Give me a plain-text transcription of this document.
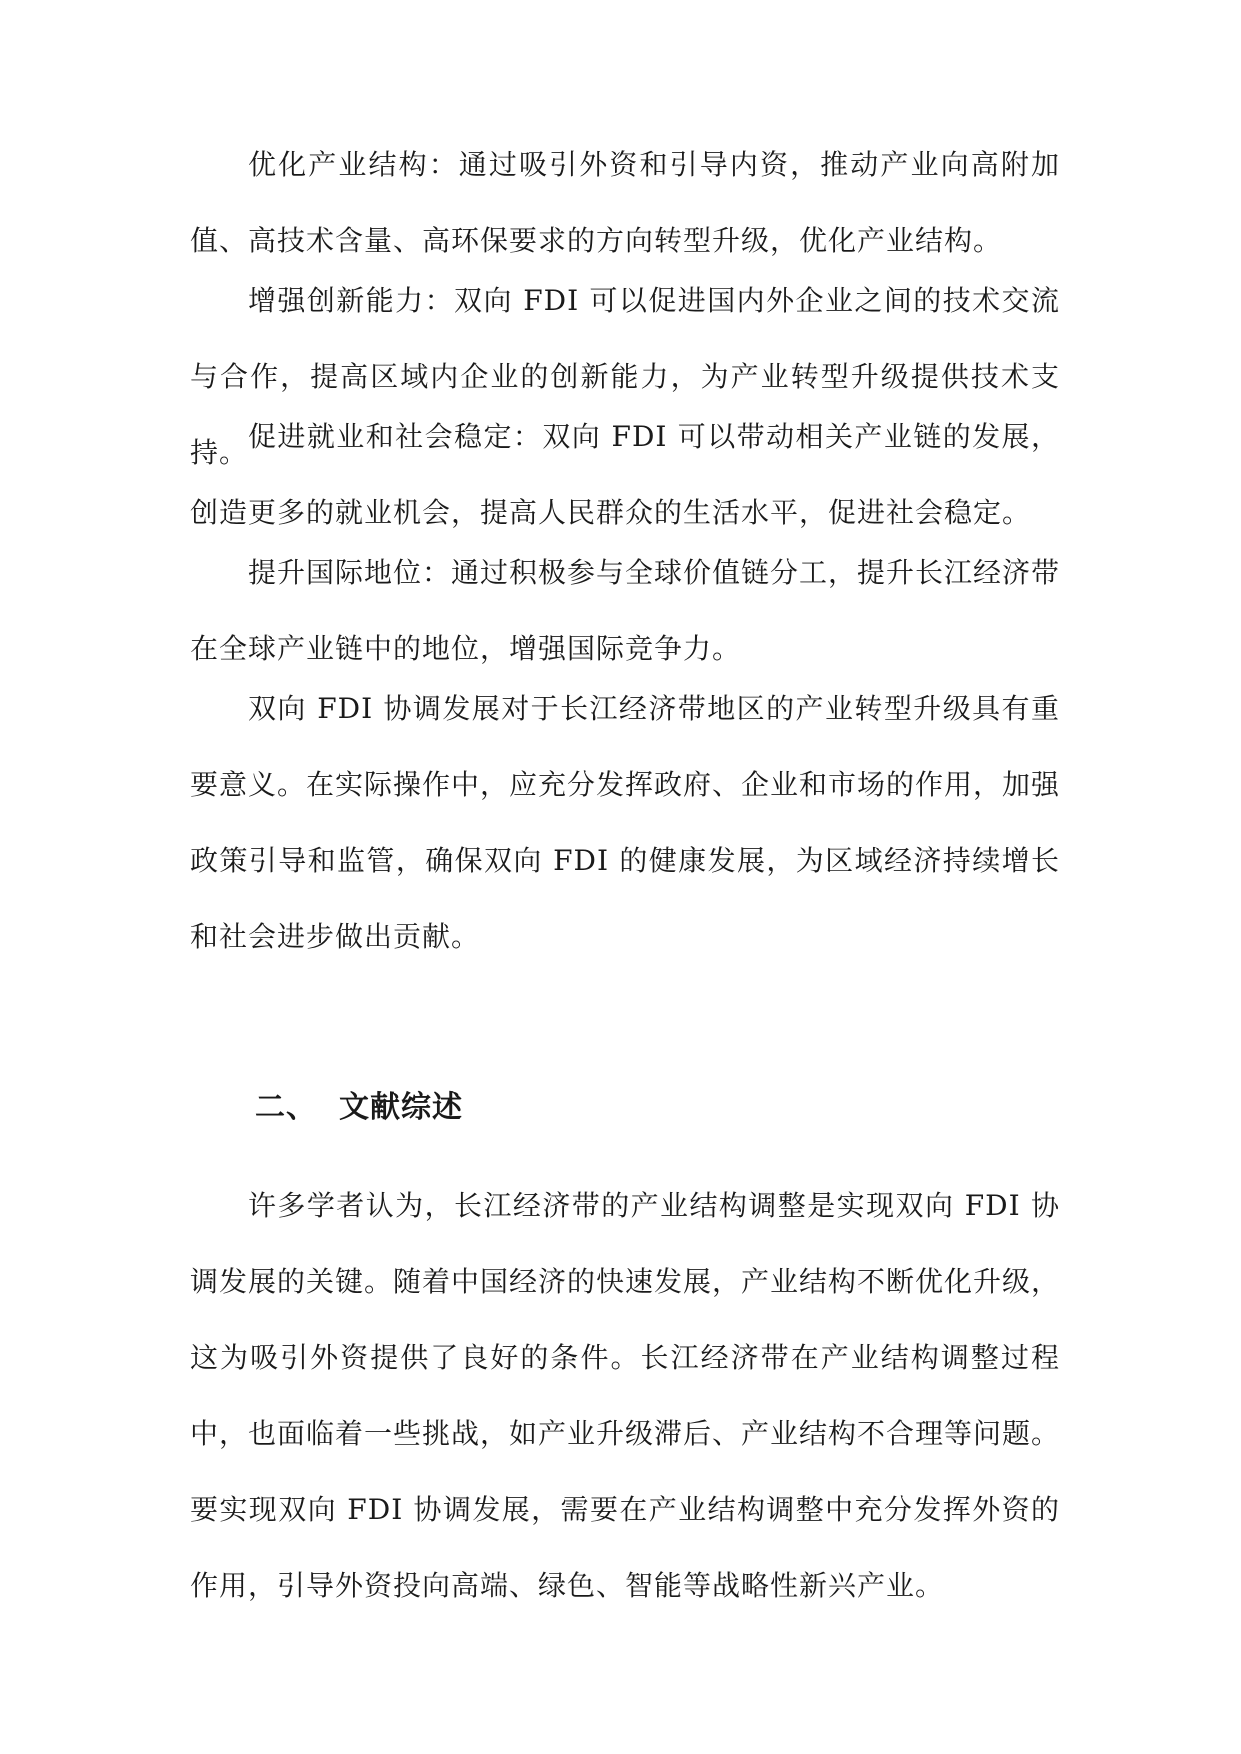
优化产业结构：通过吸引外资和引导内资，推动产业向高附加值、高技术含量、高环保要求的方向转型升级，优化产业结构。

增强创新能力：双向 FDI 可以促进国内外企业之间的技术交流与合作，提高区域内企业的创新能力，为产业转型升级提供技术支持。 促进就业和社会稳定：双向 FDI 可以带动相关产业链的发展，创造更多的就业机会，提高人民群众的生活水平，促进社会稳定。

提升国际地位：通过积极参与全球价值链分工，提升长江经济带在全球产业链中的地位，增强国际竞争力。

双向 FDI 协调发展对于长江经济带地区的产业转型升级具有重要意义。在实际操作中，应充分发挥政府、企业和市场的作用，加强政策引导和监管，确保双向 FDI 的健康发展，为区域经济持续增长和社会进步做出贡献。

二、 文献综述

许多学者认为，长江经济带的产业结构调整是实现双向 FDI 协调发展的关键。随着中国经济的快速发展，产业结构不断优化升级，这为吸引外资提供了良好的条件。长江经济带在产业结构调整过程中，也面临着一些挑战，如产业升级滞后、产业结构不合理等问题。要实现双向 FDI 协调发展，需要在产业结构调整中充分发挥外资的作用，引导外资投向高端、绿色、智能等战略性新兴产业。
